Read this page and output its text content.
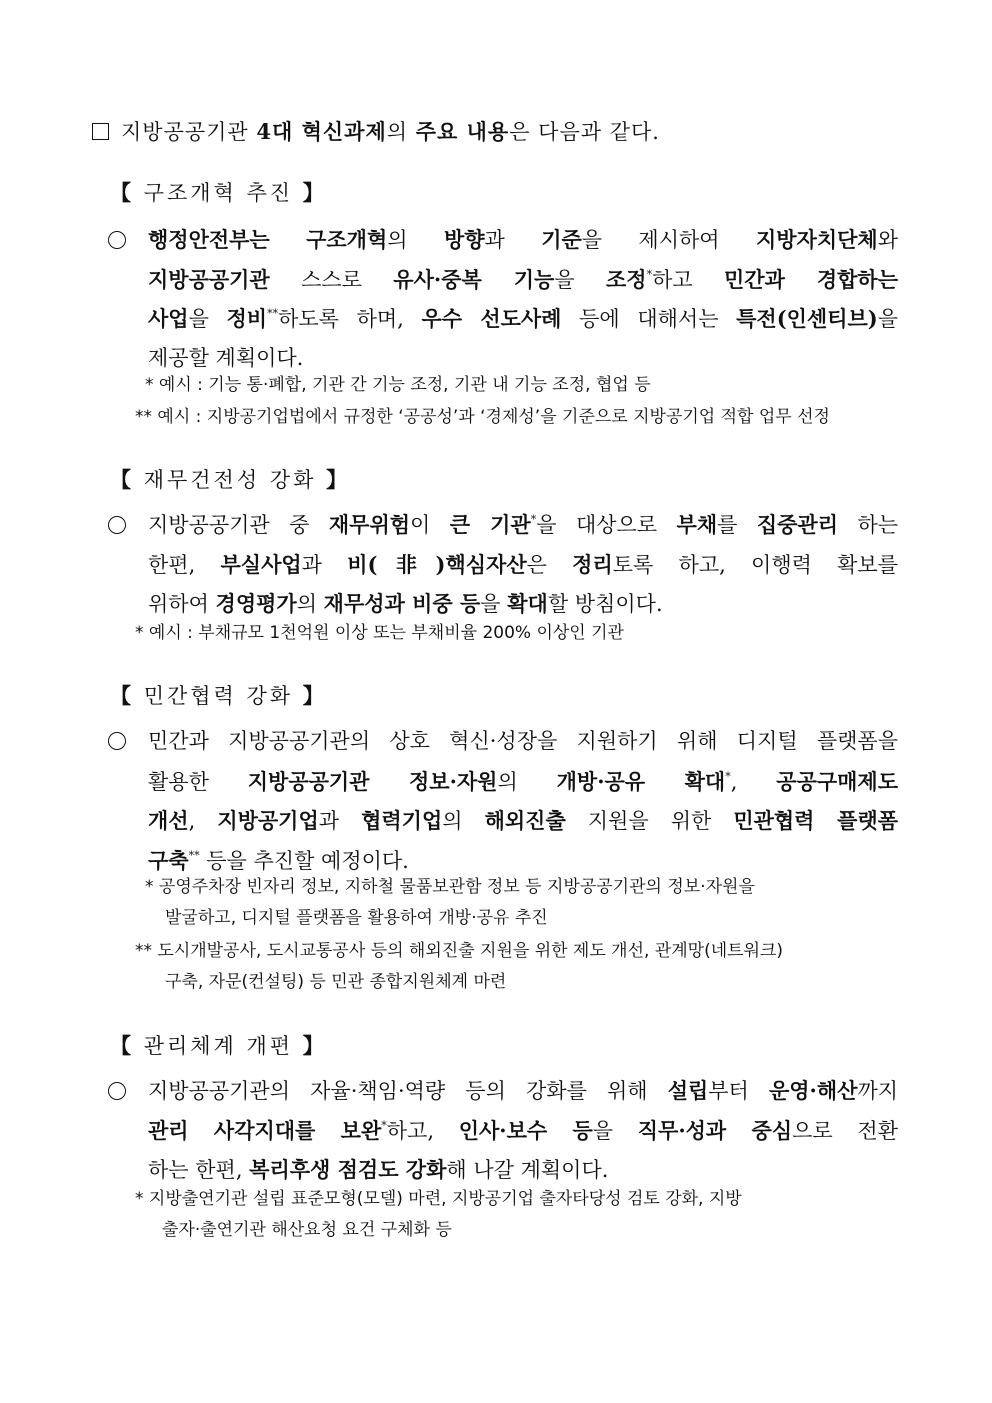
지방공공기관 4대 혁신과제의 주요 내용은 다음과 같다.
【 구조개혁 추진 】
행정안전부는 구조개혁의 방향과 기준을 제시하여 지방자치단체와
지방공공기관 스스로 유사·중복 기능을 조정*하고 민간과 경합하는
사업을 정비**하도록 하며, 우수 선도사례 등에 대해서는 특전(인센티브)을
제공할 계획이다.
* 예시 : 기능 통·폐합, 기관 간 기능 조정, 기관 내 기능 조정, 협업 등
** 예시 : 지방공기업법에서 규정한 ‘공공성’과 ‘경제성’을 기준으로 지방공기업 적합 업무 선정
【 재무건전성 강화 】
지방공공기관 중 재무위험이 큰 기관*을 대상으로 부채를 집중관리 하는
한편, 부실사업과 비(非)핵심자산은 정리토록 하고, 이행력 확보를
위하여 경영평가의 재무성과 비중 등을 확대할 방침이다.
* 예시 : 부채규모 1천억원 이상 또는 부채비율 200% 이상인 기관
【 민간협력 강화 】
민간과 지방공공기관의 상호 혁신·성장을 지원하기 위해 디지털 플랫폼을
활용한 지방공공기관 정보·자원의 개방·공유 확대*, 공공구매제도
개선, 지방공기업과 협력기업의 해외진출 지원을 위한 민관협력 플랫폼
구축** 등을 추진할 예정이다.
* 공영주차장 빈자리 정보, 지하철 물품보관함 정보 등 지방공공기관의 정보·자원을
발굴하고, 디지털 플랫폼을 활용하여 개방·공유 추진
** 도시개발공사, 도시교통공사 등의 해외진출 지원을 위한 제도 개선, 관계망(네트워크)
구축, 자문(컨설팅) 등 민관 종합지원체계 마련
【 관리체계 개편 】
지방공공기관의 자율·책임·역량 등의 강화를 위해 설립부터 운영·해산까지
관리 사각지대를 보완*하고, 인사·보수 등을 직무·성과 중심으로 전환
하는 한편, 복리후생 점검도 강화해 나갈 계획이다.
* 지방출연기관 설립 표준모형(모델) 마련, 지방공기업 출자타당성 검토 강화, 지방
출자·출연기관 해산요청 요건 구체화 등
